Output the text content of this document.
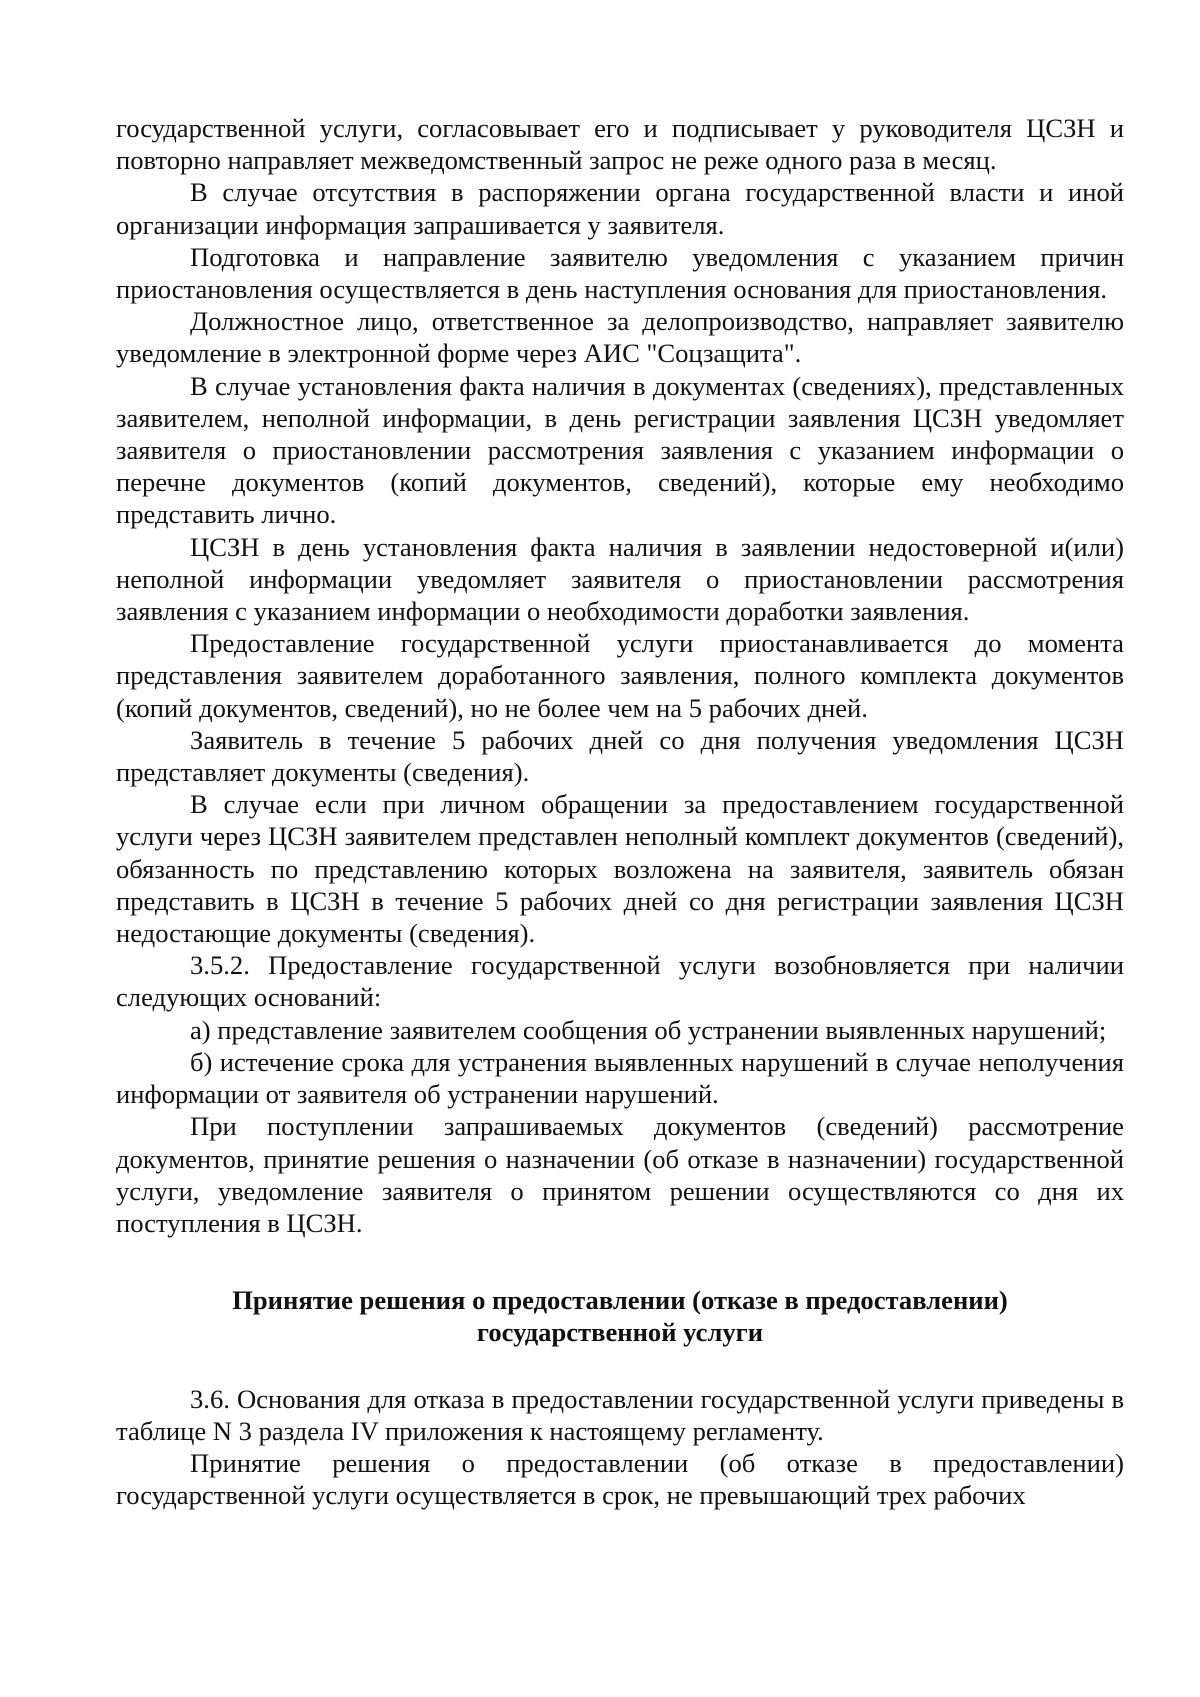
государственной услуги, согласовывает его и подписывает у руководителя ЦСЗН и повторно направляет межведомственный запрос не реже одного раза в месяц.

В случае отсутствия в распоряжении органа государственной власти и иной организации информация запрашивается у заявителя.

Подготовка и направление заявителю уведомления с указанием причин приостановления осуществляется в день наступления основания для приостановления.

Должностное лицо, ответственное за делопроизводство, направляет заявителю уведомление в электронной форме через АИС "Соцзащита".

В случае установления факта наличия в документах (сведениях), представленных заявителем, неполной информации, в день регистрации заявления ЦСЗН уведомляет заявителя о приостановлении рассмотрения заявления с указанием информации о перечне документов (копий документов, сведений), которые ему необходимо представить лично.

ЦСЗН в день установления факта наличия в заявлении недостоверной и(или) неполной информации уведомляет заявителя о приостановлении рассмотрения заявления с указанием информации о необходимости доработки заявления.

Предоставление государственной услуги приостанавливается до момента представления заявителем доработанного заявления, полного комплекта документов (копий документов, сведений), но не более чем на 5 рабочих дней.

Заявитель в течение 5 рабочих дней со дня получения уведомления ЦСЗН представляет документы (сведения).

В случае если при личном обращении за предоставлением государственной услуги через ЦСЗН заявителем представлен неполный комплект документов (сведений), обязанность по представлению которых возложена на заявителя, заявитель обязан представить в ЦСЗН в течение 5 рабочих дней со дня регистрации заявления ЦСЗН недостающие документы (сведения).

3.5.2. Предоставление государственной услуги возобновляется при наличии следующих оснований:

а) представление заявителем сообщения об устранении выявленных нарушений;

б) истечение срока для устранения выявленных нарушений в случае неполучения информации от заявителя об устранении нарушений.

При поступлении запрашиваемых документов (сведений) рассмотрение документов, принятие решения о назначении (об отказе в назначении) государственной услуги, уведомление заявителя о принятом решении осуществляются со дня их поступления в ЦСЗН.

Принятие решения о предоставлении (отказе в предоставлении) государственной услуги

3.6. Основания для отказа в предоставлении государственной услуги приведены в таблице N 3 раздела IV приложения к настоящему регламенту.

Принятие решения о предоставлении (об отказе в предоставлении) государственной услуги осуществляется в срок, не превышающий трех рабочих
